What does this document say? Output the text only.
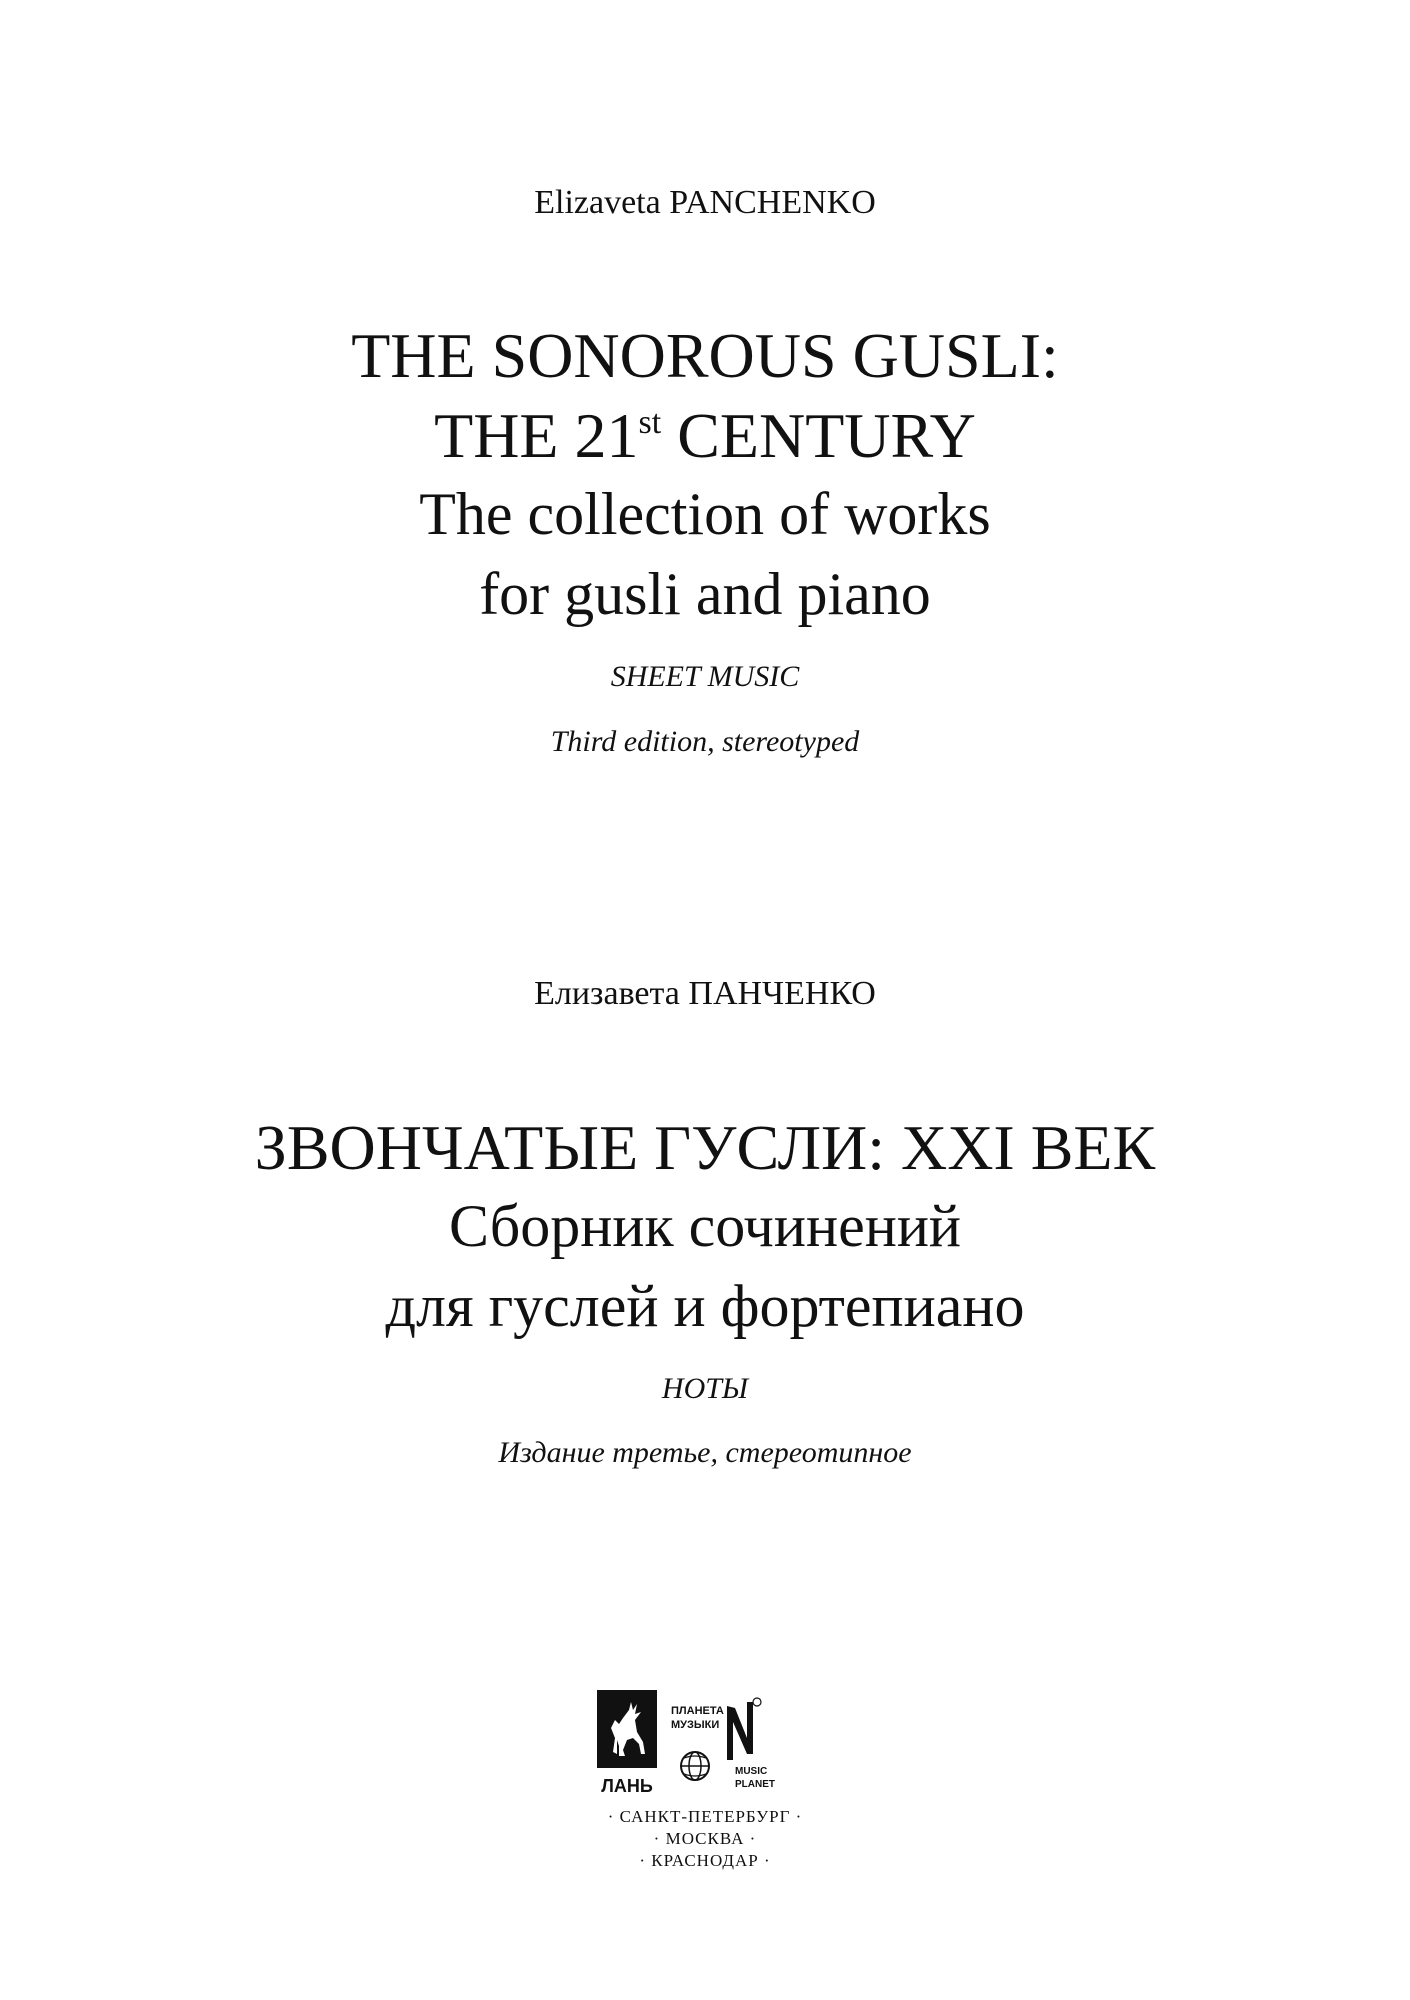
Elizaveta PANCHENKO
THE SONOROUS GUSLI:
THE 21st CENTURY
The collection of works
for gusli and piano
SHEET MUSIC
Third edition, stereotyped
Елизавета ПАНЧЕНКО
ЗВОНЧАТЫЕ ГУСЛИ: XXI ВЕК
Сборник сочинений
для гуслей и фортепиано
НОТЫ
Издание третье, стереотипное
ЛАНЬ
ПЛАНЕТА
МУЗЫКИ
MUSIC
PLANET
· САНКТ-ПЕТЕРБУРГ ·
· МОСКВА ·
· КРАСНОДАР ·
